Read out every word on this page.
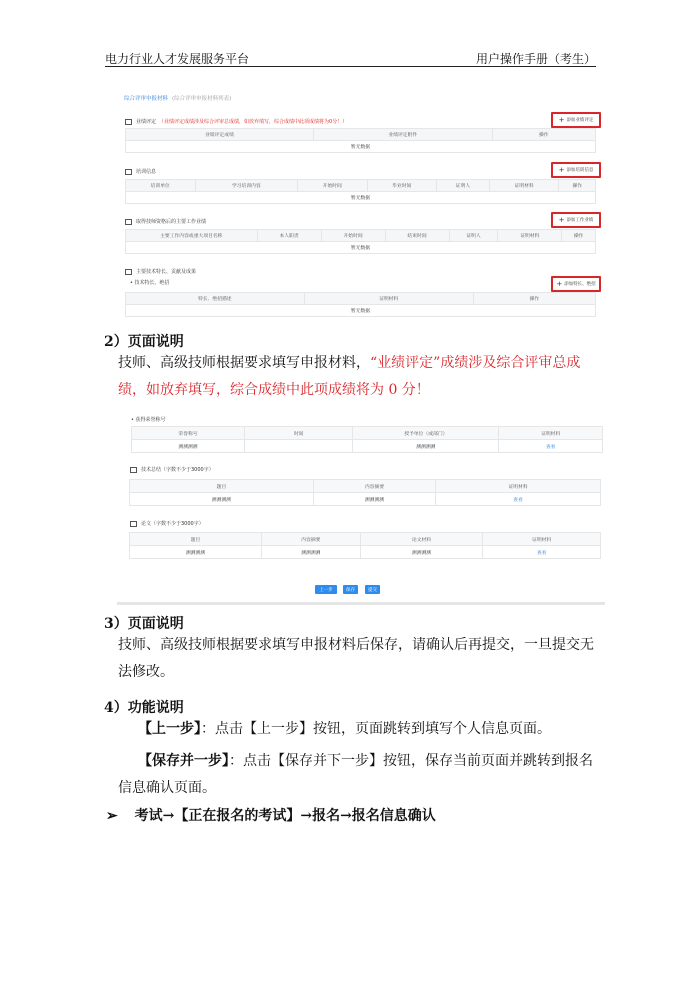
电力行业人才发展服务平台	用户操作手册（考生）
综合评审申报材料 (综合评审申报材料列表)
业绩评定 （业绩评定成绩涉及综合评审总成绩，如放弃填写，综合成绩中此项成绩将为0分！）	+ 添加业绩评定
业绩评定成绩	业绩评定附件	操作
暂无数据
培训信息	+ 添加培训信息
培训单位	学习培训内容	开始时间	毕业时间	证明人	证明材料	操作
暂无数据
取得技师资格后的主要工作业绩	+ 添加工作业绩
主要工作内容或重大项目名称	本人职责	开始时间	结束时间	证明人	证明材料	操作
暂无数据
主要技术特长、贡献及成果
• 技术特长、绝招	+ 添加特长、绝招
特长、绝招描述	证明材料	操作
暂无数据
2）页面说明
技师、高级技师根据要求填写申报材料，“业绩评定”成绩涉及综合评审总成
绩，如放弃填写，综合成绩中此项成绩将为 0 分！
• 获得荣誉称号
荣誉称号	时间	授予单位（或部门）	证明材料
测测测测		测测测测	查看
技术总结（字数不少于3000字）
题目	内容摘要	证明材料
测测测测	测测测测	查看
论文（字数不少于3000字）
题目	内容摘要	论文材料	证明材料
测测测测	测测测测	测测测测	查看
上一步	保存	提交
3）页面说明
技师、高级技师根据要求填写申报材料后保存，请确认后再提交，一旦提交无
法修改。
4）功能说明
【上一步】：点击【上一步】按钮，页面跳转到填写个人信息页面。
【保存并一步】：点击【保存并下一步】按钮，保存当前页面并跳转到报名
信息确认页面。
➢ 考试→【正在报名的考试】→报名→报名信息确认
